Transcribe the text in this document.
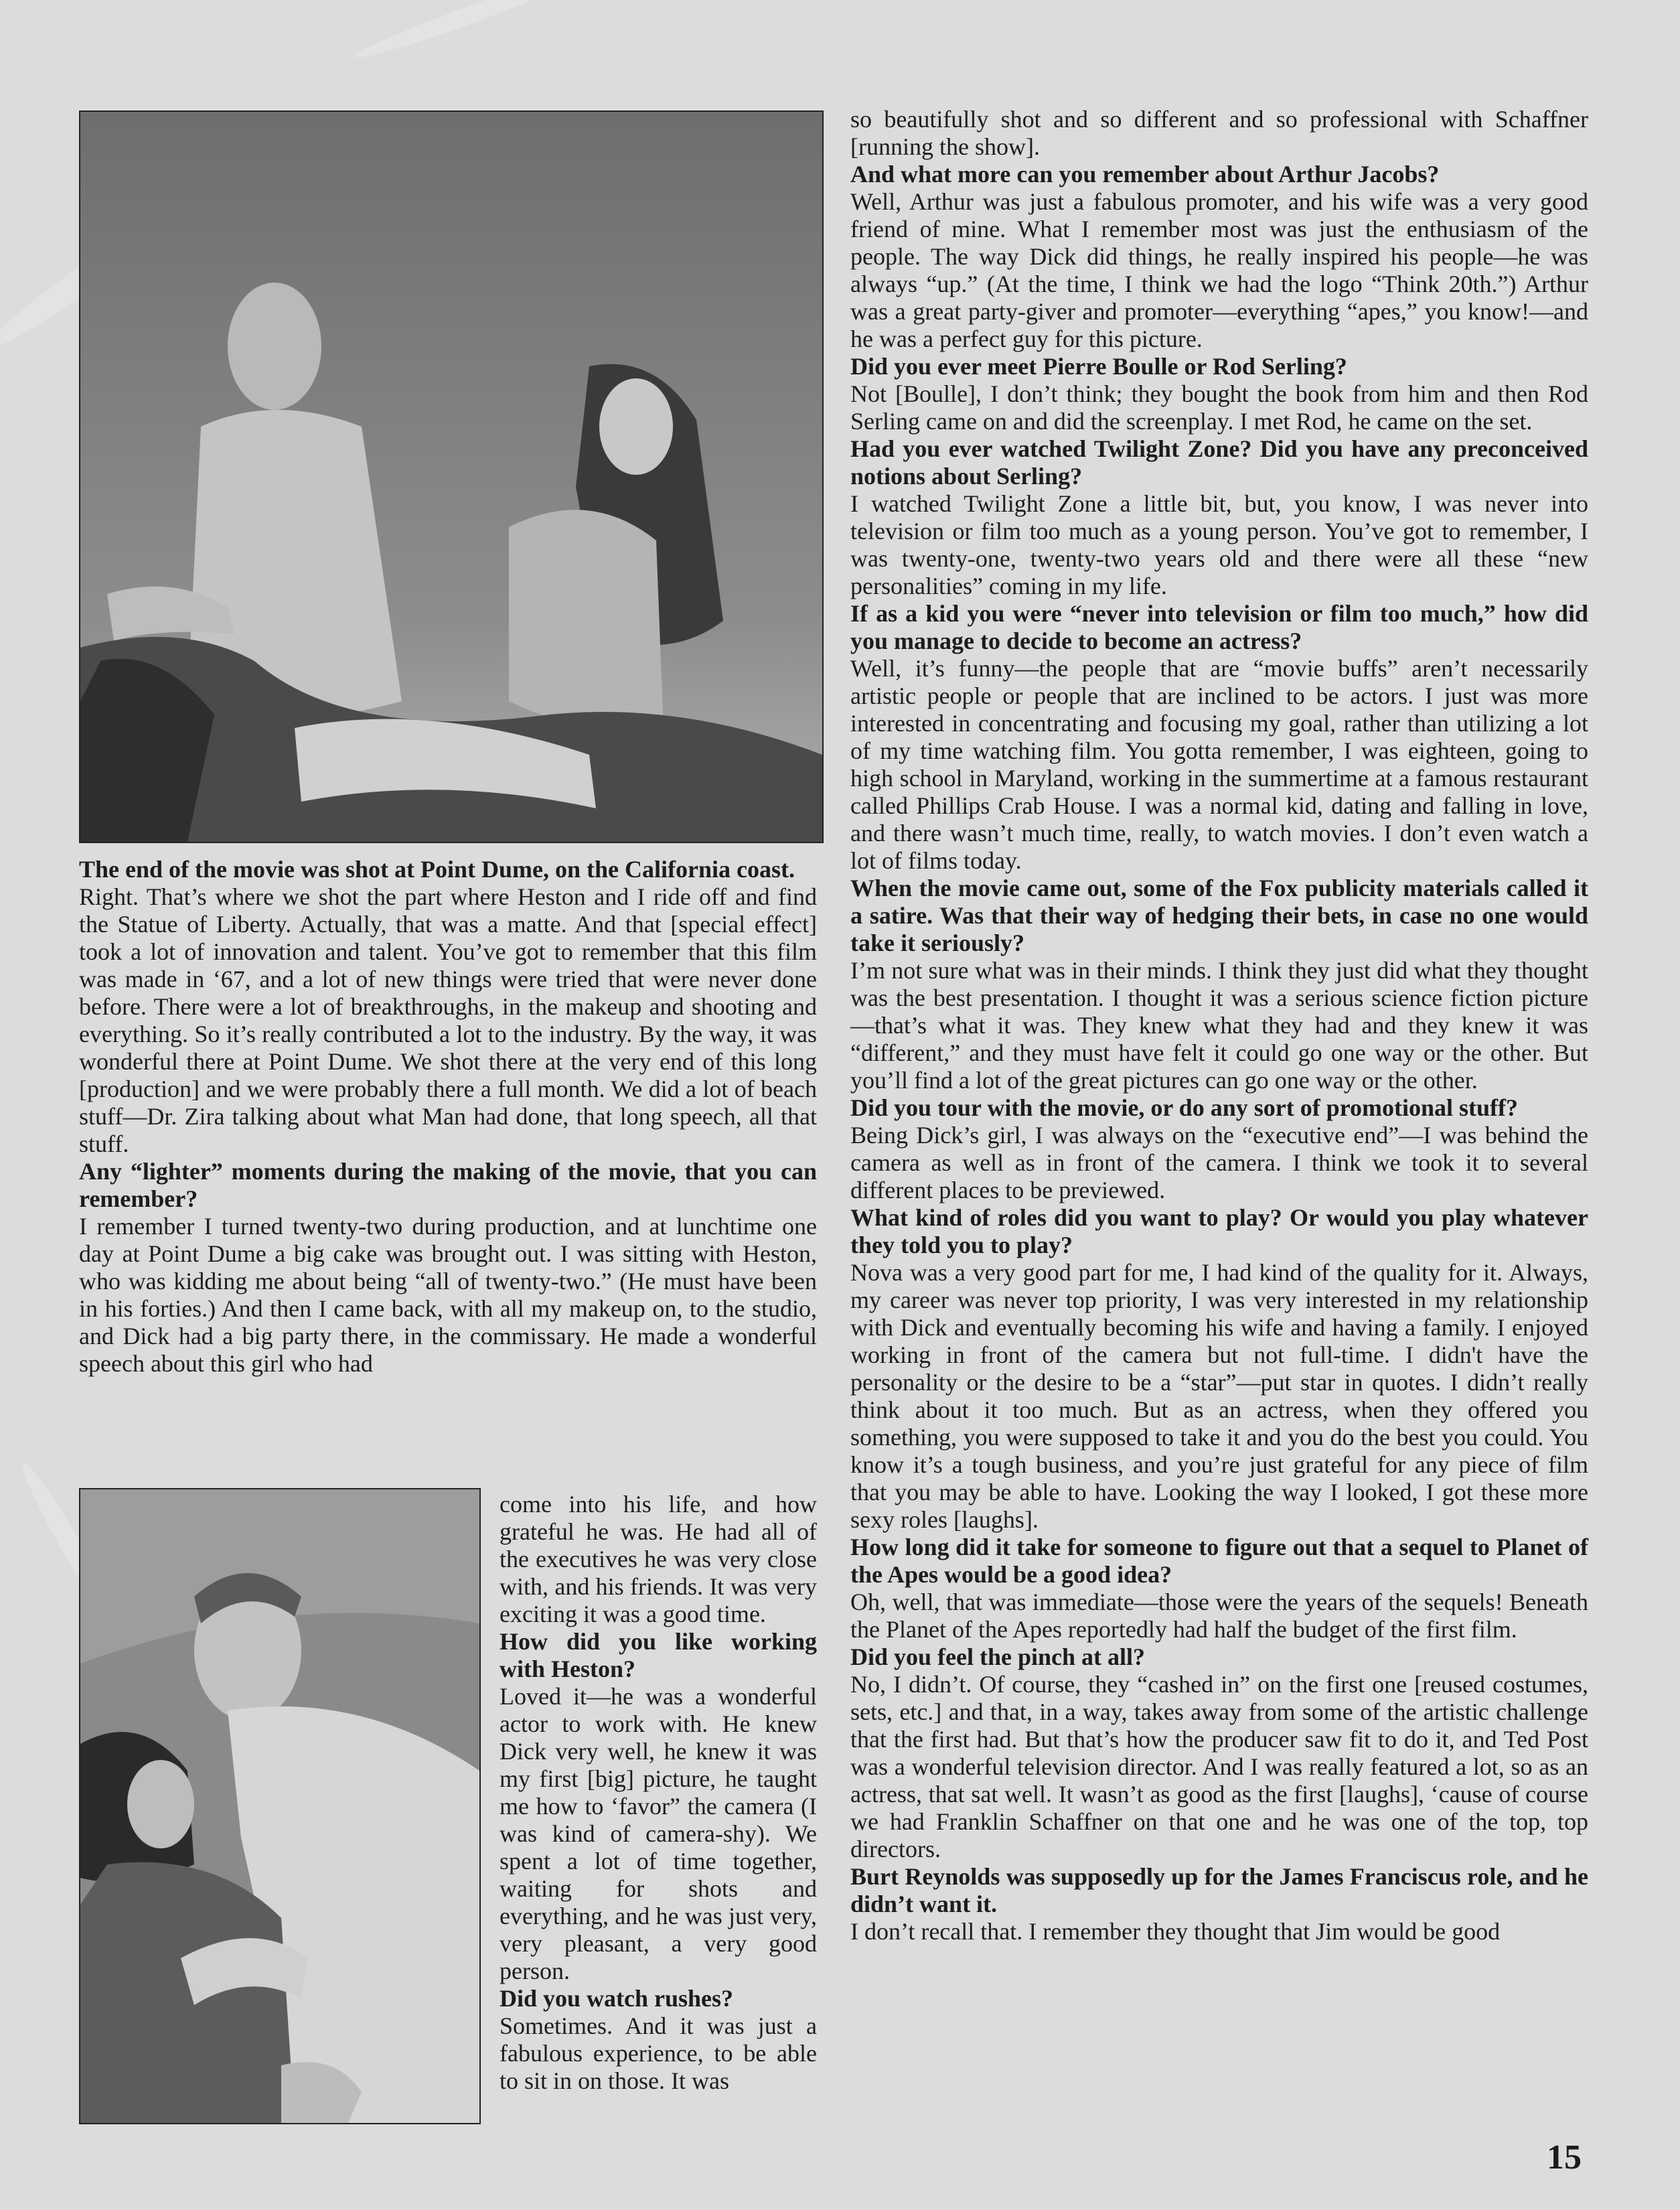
The end of the movie was shot at Point Dume, on the California coast.

Right. That’s where we shot the part where Heston and I ride off and find the Statue of Liberty. Actually, that was a matte. And that [special effect] took a lot of innovation and talent. You’ve got to remember that this film was made in ‘67, and a lot of new things were tried that were never done before. There were a lot of breakthroughs, in the makeup and shooting and everything. So it’s really contributed a lot to the industry. By the way, it was wonderful there at Point Dume. We shot there at the very end of this long [production] and we were probably there a full month. We did a lot of beach stuff—Dr. Zira talking about what Man had done, that long speech, all that stuff.

Any “lighter” moments during the making of the movie, that you can remember?

I remember I turned twenty-two during production, and at lunchtime one day at Point Dume a big cake was brought out. I was sitting with Heston, who was kidding me about being “all of twenty-two.” (He must have been in his forties.) And then I came back, with all my makeup on, to the studio, and Dick had a big party there, in the commissary. He made a wonderful speech about this girl who had

come into his life, and how grateful he was. He had all of the executives he was very close with, and his friends. It was very exciting it was a good time.

How did you like working with Heston?

Loved it—he was a wonderful actor to work with. He knew Dick very well, he knew it was my first [big] picture, he taught me how to ‘favor” the camera (I was kind of camera-shy). We spent a lot of time together, waiting for shots and everything, and he was just very, very pleasant, a very good person.

Did you watch rushes?

Sometimes. And it was just a fabulous experience, to be able to sit in on those. It was

so beautifully shot and so different and so professional with Schaffner [running the show].

And what more can you remember about Arthur Jacobs?

Well, Arthur was just a fabulous promoter, and his wife was a very good friend of mine. What I remember most was just the enthusiasm of the people. The way Dick did things, he really inspired his people—he was always “up.” (At the time, I think we had the logo “Think 20th.”) Arthur was a great party-giver and promoter—everything “apes,” you know!—and he was a perfect guy for this picture.

Did you ever meet Pierre Boulle or Rod Serling?

Not [Boulle], I don’t think; they bought the book from him and then Rod Serling came on and did the screenplay. I met Rod, he came on the set.

Had you ever watched Twilight Zone? Did you have any preconceived notions about Serling?

I watched Twilight Zone a little bit, but, you know, I was never into television or film too much as a young person. You’ve got to remember, I was twenty-one, twenty-two years old and there were all these “new personalities” coming in my life.

If as a kid you were “never into television or film too much,” how did you manage to decide to become an actress?

Well, it’s funny—the people that are “movie buffs” aren’t necessarily artistic people or people that are inclined to be actors. I just was more interested in concentrating and focusing my goal, rather than utilizing a lot of my time watching film. You gotta remember, I was eighteen, going to high school in Maryland, working in the summertime at a famous restaurant called Phillips Crab House. I was a normal kid, dating and falling in love, and there wasn’t much time, really, to watch movies. I don’t even watch a lot of films today.

When the movie came out, some of the Fox publicity materials called it a satire. Was that their way of hedging their bets, in case no one would take it seriously?

I’m not sure what was in their minds. I think they just did what they thought was the best presentation. I thought it was a serious science fiction picture—that’s what it was. They knew what they had and they knew it was “different,” and they must have felt it could go one way or the other. But you’ll find a lot of the great pictures can go one way or the other.

Did you tour with the movie, or do any sort of promotional stuff?

Being Dick’s girl, I was always on the “executive end”—I was behind the camera as well as in front of the camera. I think we took it to several different places to be previewed.

What kind of roles did you want to play? Or would you play whatever they told you to play?

Nova was a very good part for me, I had kind of the quality for it. Always, my career was never top priority, I was very interested in my relationship with Dick and eventually becoming his wife and having a family. I enjoyed working in front of the camera but not full-time. I didn't have the personality or the desire to be a “star”—put star in quotes. I didn’t really think about it too much. But as an actress, when they offered you something, you were supposed to take it and you do the best you could. You know it’s a tough business, and you’re just grateful for any piece of film that you may be able to have. Looking the way I looked, I got these more sexy roles [laughs].

How long did it take for someone to figure out that a sequel to Planet of the Apes would be a good idea?

Oh, well, that was immediate—those were the years of the sequels! Beneath the Planet of the Apes reportedly had half the budget of the first film.

Did you feel the pinch at all?

No, I didn’t. Of course, they “cashed in” on the first one [reused costumes, sets, etc.] and that, in a way, takes away from some of the artistic challenge that the first had. But that’s how the producer saw fit to do it, and Ted Post was a wonderful television director. And I was really featured a lot, so as an actress, that sat well. It wasn’t as good as the first [laughs], ‘cause of course we had Franklin Schaffner on that one and he was one of the top, top directors.

Burt Reynolds was supposedly up for the James Franciscus role, and he didn’t want it.

I don’t recall that. I remember they thought that Jim would be good

15
